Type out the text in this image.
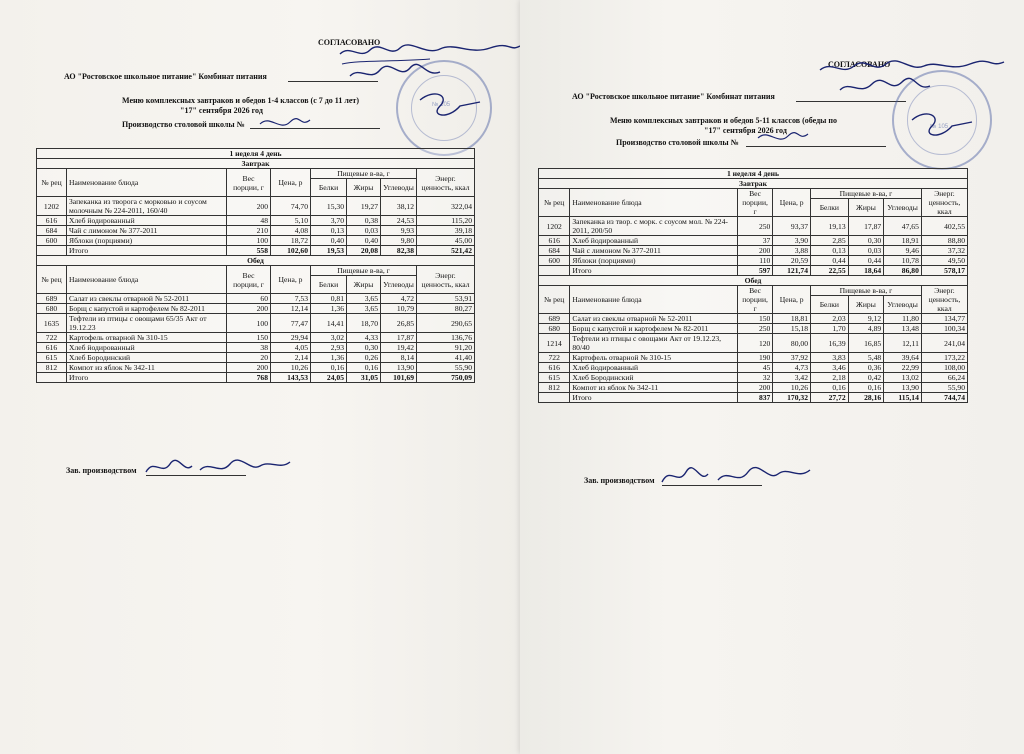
СОГЛАСОВАНО
АО "Ростовское школьное питание" Комбинат питания
Меню комплексных завтраков и обедов 1-4 классов (с 7 до 11 лет)
"17" сентября 2026 год
Производство столовой школы №
№ 105
1 неделя 4 день							
Завтрак							
№ рец	Наименование блюда	Вес порции, г	Цена, р	Пищевые в-ва, г			Энерг. ценность, ккал
				Белки	Жиры	Углеводы	
1202	Запеканка из творога с морковью и соусом молочным № 224-2011, 160/40	200	74,70	15,30	19,27	38,12	322,04
616	Хлеб йодированный	48	5,10	3,70	0,38	24,53	115,20
684	Чай с лимоном № 377-2011	210	4,08	0,13	0,03	9,93	39,18
600	Яблоки (порциями)	100	18,72	0,40	0,40	9,80	45,00
	Итого	558	102,60	19,53	20,08	82,38	521,42
Обед							
№ рец	Наименование блюда	Вес порции, г	Цена, р	Пищевые в-ва, г			Энерг. ценность, ккал
				Белки	Жиры	Углеводы	
689	Салат из свеклы отварной № 52-2011	60	7,53	0,81	3,65	4,72	53,91
680	Борщ с капустой и картофелем № 82-2011	200	12,14	1,36	3,65	10,79	80,27
1635	Тефтели из птицы с овощами 65/35 Акт от 19.12.23	100	77,47	14,41	18,70	26,85	290,65
722	Картофель отварной № 310-15	150	29,94	3,02	4,33	17,87	136,76
616	Хлеб йодированный	38	4,05	2,93	0,30	19,42	91,20
615	Хлеб Бородинский	20	2,14	1,36	0,26	8,14	41,40
812	Компот из яблок № 342-11	200	10,26	0,16	0,16	13,90	55,90
	Итого	768	143,53	24,05	31,05	101,69	750,09
Зав. производством
СОГЛАСОВАНО
АО "Ростовское школьное питание" Комбинат питания
Меню комплексных завтраков и обедов 5-11 классов (обеды по
"17" сентября 2026 год
Производство столовой школы №
№ 105
1 неделя 4 день							
Завтрак							
№ рец	Наименование блюда	Вес порции, г	Цена, р	Пищевые в-ва, г			Энерг. ценность, ккал
				Белки	Жиры	Углеводы	
1202	Запеканка из твор. с морк. с соусом мол. № 224-2011, 200/50	250	93,37	19,13	17,87	47,65	402,55
616	Хлеб йодированный	37	3,90	2,85	0,30	18,91	88,80
684	Чай с лимоном № 377-2011	200	3,88	0,13	0,03	9,46	37,32
600	Яблоки (порциями)	110	20,59	0,44	0,44	10,78	49,50
	Итого	597	121,74	22,55	18,64	86,80	578,17
Обед							
№ рец	Наименование блюда	Вес порции, г	Цена, р	Пищевые в-ва, г			Энерг. ценность, ккал
				Белки	Жиры	Углеводы	
689	Салат из свеклы отварной № 52-2011	150	18,81	2,03	9,12	11,80	134,77
680	Борщ с капустой и картофелем № 82-2011	250	15,18	1,70	4,89	13,48	100,34
1214	Тефтели из птицы с овощами Акт от 19.12.23, 80/40	120	80,00	16,39	16,85	12,11	241,04
722	Картофель отварной № 310-15	190	37,92	3,83	5,48	39,64	173,22
616	Хлеб йодированный	45	4,73	3,46	0,36	22,99	108,00
615	Хлеб Бородинский	32	3,42	2,18	0,42	13,02	66,24
812	Компот из яблок № 342-11	200	10,26	0,16	0,16	13,90	55,90
	Итого	837	170,32	27,72	28,16	115,14	744,74
Зав. производством
